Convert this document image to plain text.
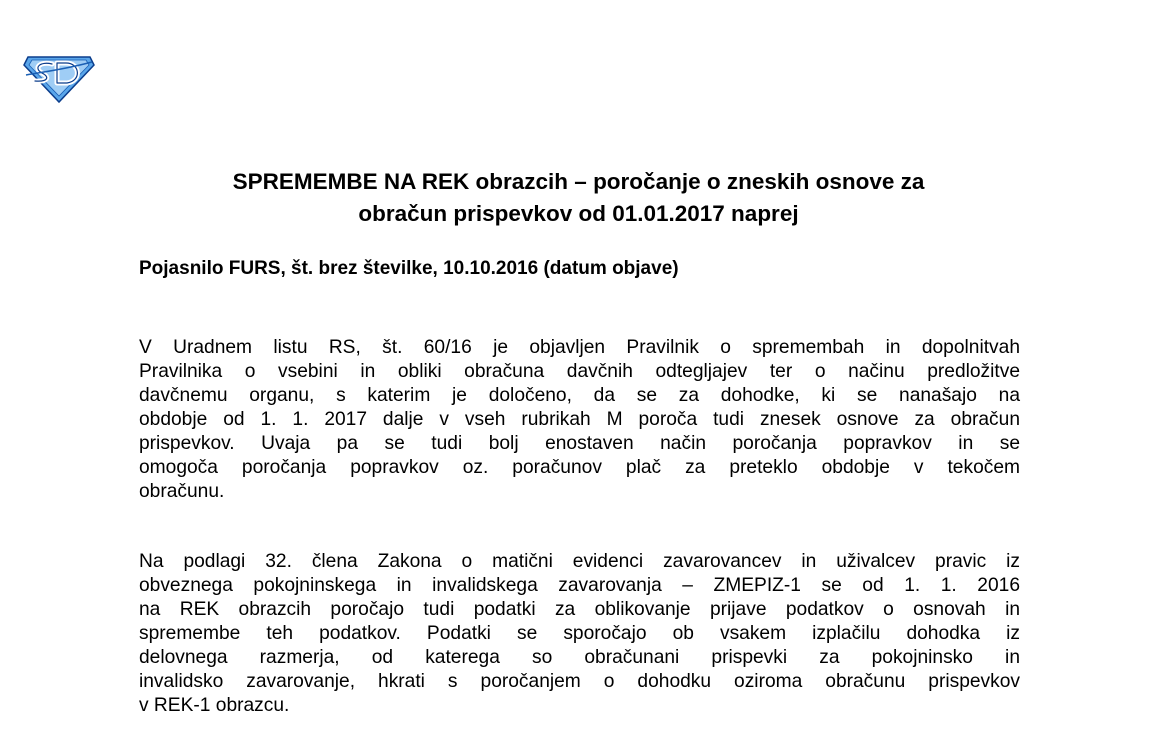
SPREMEMBE NA REK obrazcih – poročanje o zneskih osnove za
obračun prispevkov od 01.01.2017 naprej

Pojasnilo FURS, št. brez številke, 10.10.2016 (datum objave)

V Uradnem listu RS, št. 60/16 je objavljen Pravilnik o spremembah in dopolnitvah
Pravilnika o vsebini in obliki obračuna davčnih odtegljajev ter o načinu predložitve
davčnemu organu, s katerim je določeno, da se za dohodke, ki se nanašajo na
obdobje od 1. 1. 2017 dalje v vseh rubrikah M poroča tudi znesek osnove za obračun
prispevkov. Uvaja pa se tudi bolj enostaven način poročanja popravkov in se
omogoča poročanja popravkov oz. poračunov plač za preteklo obdobje v tekočem
obračunu.
Na podlagi 32. člena Zakona o matični evidenci zavarovancev in uživalcev pravic iz
obveznega pokojninskega in invalidskega zavarovanja – ZMEPIZ-1 se od 1. 1. 2016
na REK obrazcih poročajo tudi podatki za oblikovanje prijave podatkov o osnovah in
spremembe teh podatkov. Podatki se sporočajo ob vsakem izplačilu dohodka iz
delovnega razmerja, od katerega so obračunani prispevki za pokojninsko in
invalidsko zavarovanje, hkrati s poročanjem o dohodku oziroma obračunu prispevkov
v REK-1 obrazcu.
